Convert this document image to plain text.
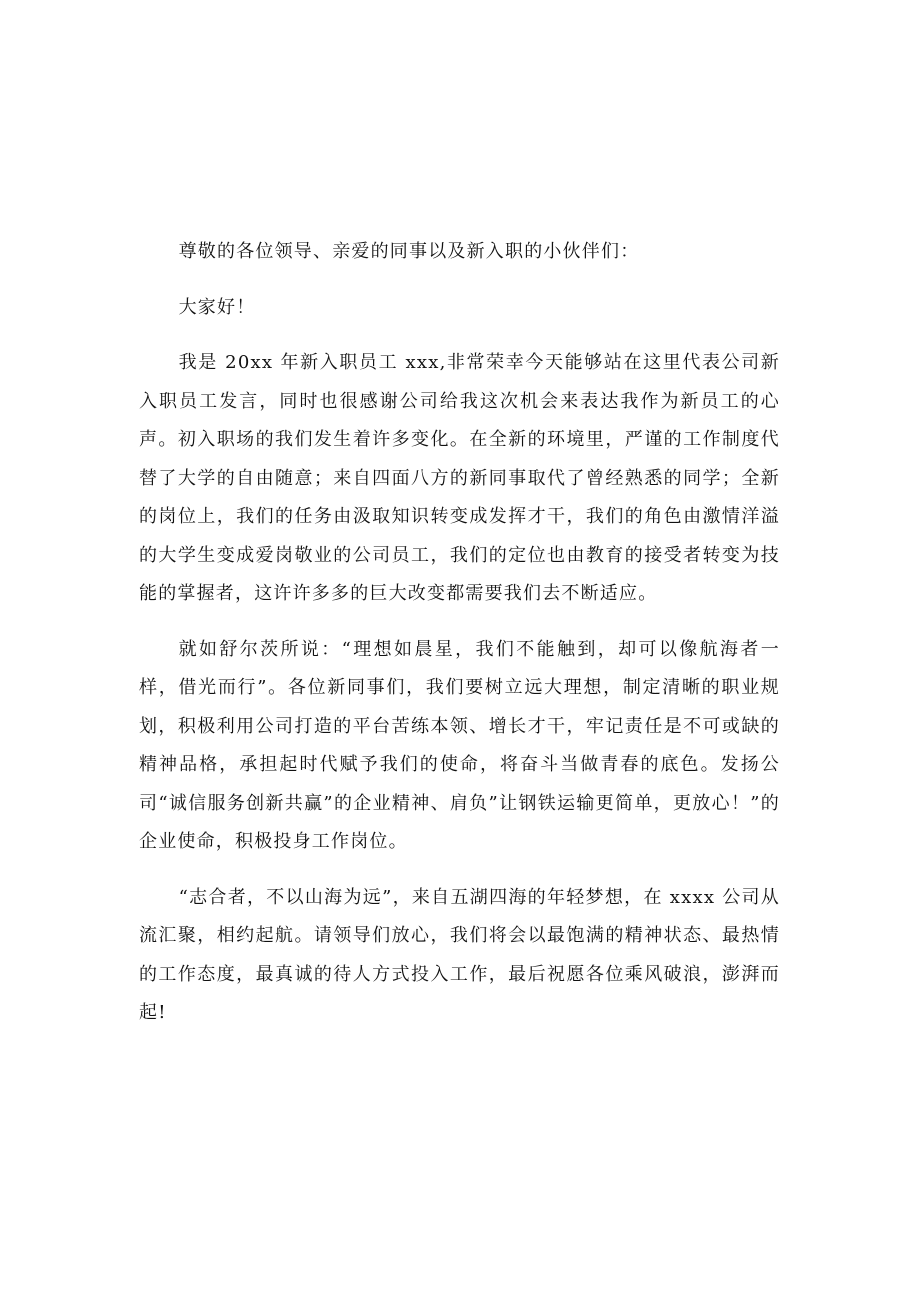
尊敬的各位领导、亲爱的同事以及新入职的小伙伴们：

大家好！

我是 20xx 年新入职员工 xxx,非常荣幸今天能够站在这里代表公司新入职员工发言，同时也很感谢公司给我这次机会来表达我作为新员工的心声。初入职场的我们发生着许多变化。在全新的环境里，严谨的工作制度代替了大学的自由随意；来自四面八方的新同事取代了曾经熟悉的同学；全新的岗位上，我们的任务由汲取知识转变成发挥才干，我们的角色由激情洋溢的大学生变成爱岗敬业的公司员工，我们的定位也由教育的接受者转变为技能的掌握者，这许许多多的巨大改变都需要我们去不断适应。

就如舒尔茨所说：“理想如晨星，我们不能触到，却可以像航海者一样，借光而行”。各位新同事们，我们要树立远大理想，制定清晰的职业规划，积极利用公司打造的平台苦练本领、增长才干，牢记责任是不可或缺的精神品格，承担起时代赋予我们的使命，将奋斗当做青春的底色。发扬公司“诚信服务创新共赢”的企业精神、肩负”让钢铁运输更简单，更放心！”的企业使命，积极投身工作岗位。

“志合者，不以山海为远”，来自五湖四海的年轻梦想，在 xxxx 公司从流汇聚，相约起航。请领导们放心，我们将会以最饱满的精神状态、最热情的工作态度，最真诚的待人方式投入工作，最后祝愿各位乘风破浪，澎湃而起!
